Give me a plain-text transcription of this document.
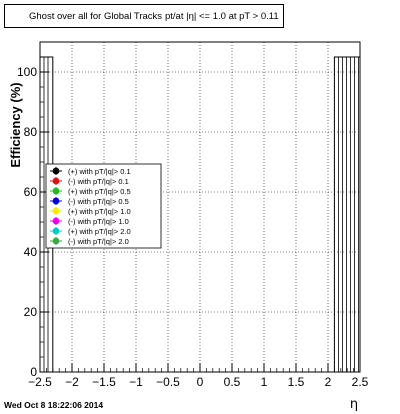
Ghost over all for Global Tracks pt/at |η| <= 1.0 at pT > 0.11
−2.5 −2 −1.5 −1 −0.5 0 0.5 1 1.5 2 2.5
0
20
40
60
80
100
η
Efficiency (%)
(+) with pT/|q|> 0.1
(-) with pT/|q|> 0.1
(+) with pT/|q|> 0.5
(-) with pT/|q|> 0.5
(+) with pT/|q|> 1.0
(-) with pT/|q|> 1.0
(+) with pT/|q|> 2.0
(-) with pT/|q|> 2.0
Wed Oct 8 18:22:06 2014
